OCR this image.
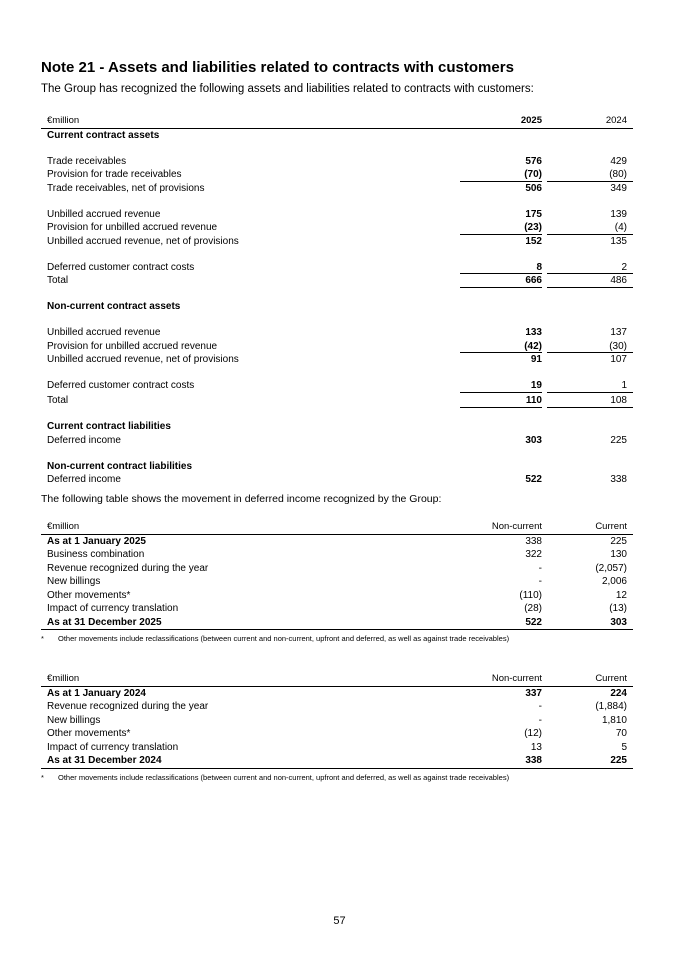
Note 21 - Assets and liabilities related to contracts with customers
The Group has recognized the following assets and liabilities related to contracts with customers:
€million	2025	2024
Current contract assets
Trade receivables	576	429
Provision for trade receivables	(70)	(80)
Trade receivables, net of provisions	506	349
Unbilled accrued revenue	175	139
Provision for unbilled accrued revenue	(23)	(4)
Unbilled accrued revenue, net of provisions	152	135
Deferred customer contract costs	8	2
Total	666	486
Non-current contract assets
Unbilled accrued revenue	133	137
Provision for unbilled accrued revenue	(42)	(30)
Unbilled accrued revenue, net of provisions	91	107
Deferred customer contract costs	19	1
Total	110	108
Current contract liabilities
Deferred income	303	225
Non-current contract liabilities
Deferred income	522	338
The following table shows the movement in deferred income recognized by the Group:
€million	Non-current	Current
As at 1 January 2025	338	225
Business combination	322	130
Revenue recognized during the year	-	(2,057)
New billings	-	2,006
Other movements*	(110)	12
Impact of currency translation	(28)	(13)
As at 31 December 2025	522	303
* Other movements include reclassifications (between current and non-current, upfront and deferred, as well as against trade receivables)
€million	Non-current	Current
As at 1 January 2024	337	224
Revenue recognized during the year	-	(1,884)
New billings	-	1,810
Other movements*	(12)	70
Impact of currency translation	13	5
As at 31 December 2024	338	225
* Other movements include reclassifications (between current and non-current, upfront and deferred, as well as against trade receivables)
57
